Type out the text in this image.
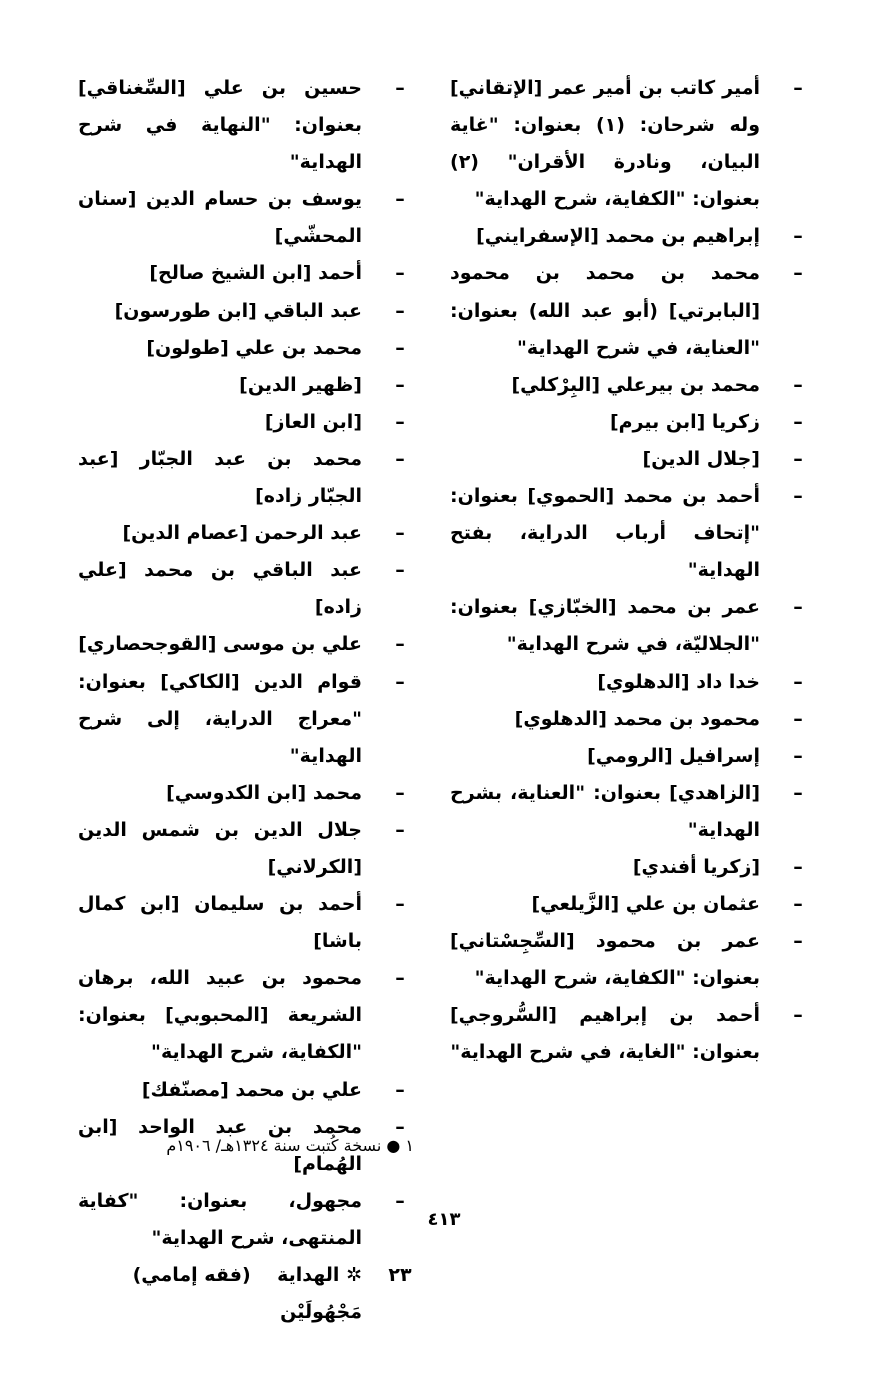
–
أمير كاتب بن أمير عمر [الإتقاني] وله شرحان: (١) بعنوان: "غاية البيان، ونادرة الأقران" (٢) بعنوان: "الكفاية، شرح الهداية"
–
إبراهيم بن محمد [الإسفرايني]
–
محمد بن محمد بن محمود [البابرتي] (أبو عبد الله) بعنوان: "العناية، في شرح الهداية"
–
محمد بن بيرعلي [البِرْكلي]
–
زكريا [ابن بيرم]
–
[جلال الدين]
–
أحمد بن محمد [الحموي] بعنوان: "إتحاف أرباب الدراية، بفتح الهداية"
–
عمر بن محمد [الخبّازي] بعنوان: "الجلاليّة، في شرح الهداية"
–
خدا داد [الدهلوي]
–
محمود بن محمد [الدهلوي]
–
إسرافيل [الرومي]
–
[الزاهدي] بعنوان: "العناية، بشرح الهداية"
–
[زكريا أفندي]
–
عثمان بن علي [الزَّيلعي]
–
عمر بن محمود [السِّجِسْتاني] بعنوان: "الكفاية، شرح الهداية"
–
أحمد بن إبراهيم [السُّروجي] بعنوان: "الغاية، في شرح الهداية"
–
حسين بن علي [السِّغناقي] بعنوان: "النهاية في شرح الهداية"
–
يوسف بن حسام الدين [سنان المحشّي]
–
أحمد [ابن الشيخ صالح]
–
عبد الباقي [ابن طورسون]
–
محمد بن علي [طولون]
–
[ظهير الدين]
–
[ابن العاز]
–
محمد بن عبد الجبّار [عبد الجبّار زاده]
–
عبد الرحمن [عصام الدين]
–
عبد الباقي بن محمد [علي زاده]
–
علي بن موسى [القوجحصاري]
–
قوام الدين [الكاكي] بعنوان: "معراج الدراية، إلى شرح الهداية"
–
محمد [ابن الكدوسي]
–
جلال الدين بن شمس الدين [الكرلاني]
–
أحمد بن سليمان [ابن كمال باشا]
–
محمود بن عبيد الله، برهان الشريعة [المحبوبي] بعنوان: "الكفاية، شرح الهداية"
–
علي بن محمد [مصنّفك]
–
محمد بن عبد الواحد [ابن الهُمام]
–
مجهول، بعنوان: "كفاية المنتهى، شرح الهداية"
٢٣
✲ الهداية    (فقه إمامي)
مَجْهُولَيْن
١ ● نسخة كُتبت سنة ١٣٢٤هـ/ ١٩٠٦م
٤١٣
